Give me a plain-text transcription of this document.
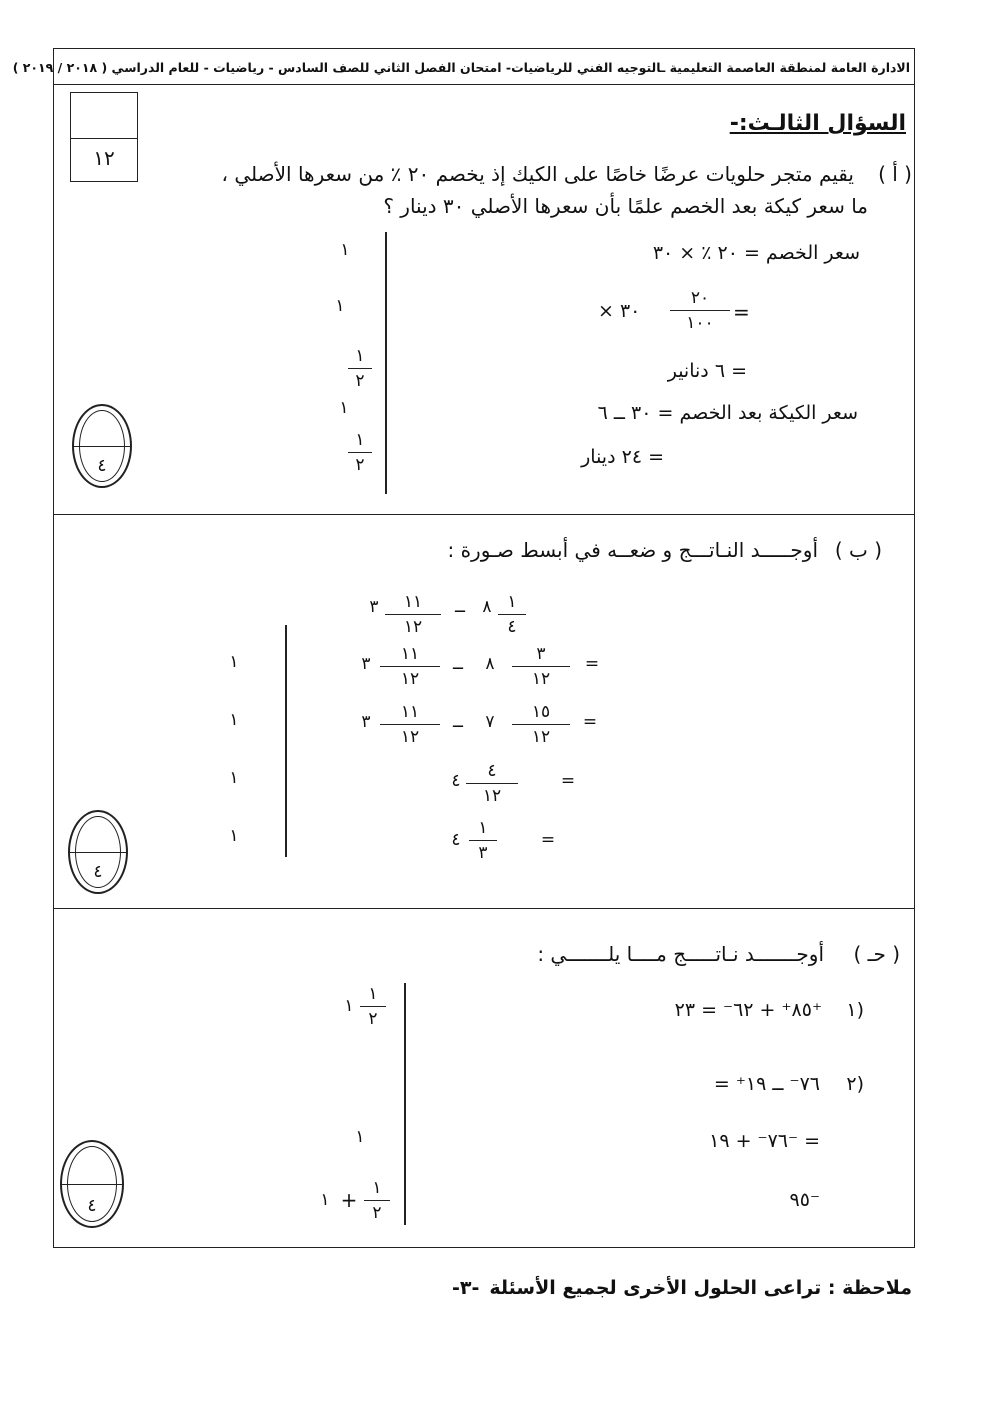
الادارة العامة لمنطقة العاصمة التعليمية ـالتوجيه الفني للرياضيات- امتحان الفصل الثاني للصف السادس - رياضيات - للعام الدراسي ( ٢٠١٨ / ٢٠١٩ )
١٢
السؤال الثالـث:-
( أ )
يقيم متجر حلويات عرضًا خاصًا على الكيك إذ يخصم ٢٠ ٪ من سعرها الأصلي ،
ما سعر كيكة بعد الخصم علمًا بأن سعرها الأصلي ٣٠ دينار ؟
سعر الخصم = ٢٠ ٪ × ٣٠
=
٢٠
١٠٠
× ٣٠
= ٦ دنانير
سعر الكيكة بعد الخصم = ٣٠ ــ ٦
= ٢٤ دينار
١
١
١
٢
١
١
٢
٤
( ب )
أوجـــــد النـاتـــج و ضعــه في أبسط صـورة :
١
٤
٨
ــ
١١
١٢
٣
=
٣
١٢
٨
ــ
١١
١٢
٣
=
١٥
١٢
٧
ــ
١١
١٢
٣
=
٤
١٢
٤
=
١
٣
٤
١
١
١
١
٤
( حـ )
أوجـــــــد نـاتـــــج مــــا يلـــــــي :
١)
٨٥⁺ + ٦٢⁻ = ٢٣⁺
٢)
٧٦⁻ ــ ١٩⁺ =
٧٦⁻ + ١٩⁻ =
٩٥⁻
١
٢
١
١
١
٢
+
١
٤
ملاحظة : تراعى الحلول الأخرى لجميع الأسئلة
-٣-
